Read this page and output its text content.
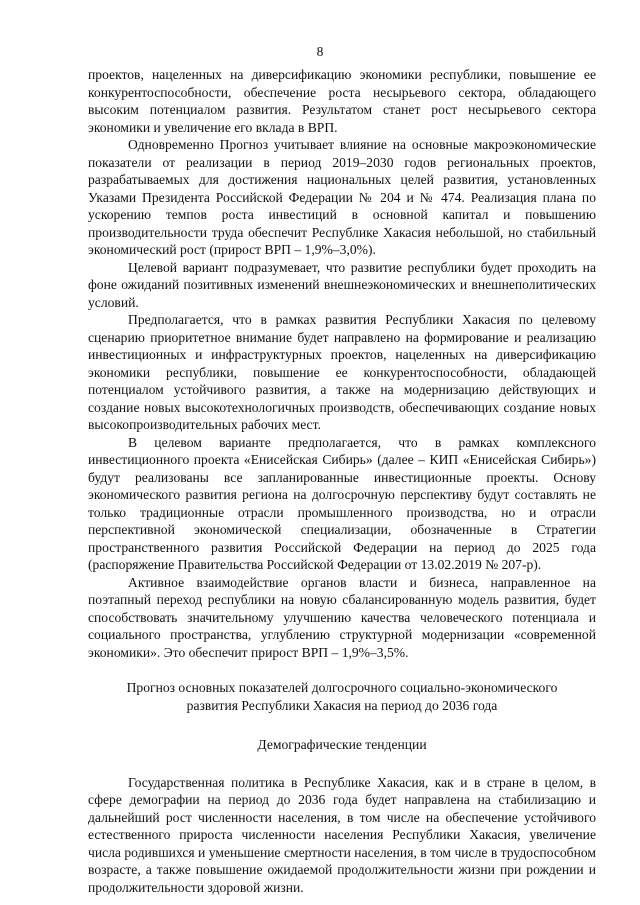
8

проектов, нацеленных на диверсификацию экономики республики, повышение ее конкурентоспособности, обеспечение роста несырьевого сектора, обладающего высоким потенциалом развития. Результатом станет рост несырьевого сектора экономики и увеличение его вклада в ВРП.

Одновременно Прогноз учитывает влияние на основные макроэкономические показатели от реализации в период 2019–2030 годов региональных проектов, разрабатываемых для достижения национальных целей развития, установленных Указами Президента Российской Федерации № 204 и № 474. Реализация плана по ускорению темпов роста инвестиций в основной капитал и повышению производительности труда обеспечит Республике Хакасия небольшой, но стабильный экономический рост (прирост ВРП – 1,9%–3,0%).

Целевой вариант подразумевает, что развитие республики будет проходить на фоне ожиданий позитивных изменений внешнеэкономических и внешнеполитических условий.

Предполагается, что в рамках развития Республики Хакасия по целевому сценарию приоритетное внимание будет направлено на формирование и реализацию инвестиционных и инфраструктурных проектов, нацеленных на диверсификацию экономики республики, повышение ее конкурентоспособности, обладающей потенциалом устойчивого развития, а также на модернизацию действующих и создание новых высокотехнологичных производств, обеспечивающих создание новых высокопроизводительных рабочих мест.

В целевом варианте предполагается, что в рамках комплексного инвестиционного проекта «Енисейская Сибирь» (далее – КИП «Енисейская Сибирь») будут реализованы все запланированные инвестиционные проекты. Основу экономического развития региона на долгосрочную перспективу будут составлять не только традиционные отрасли промышленного производства, но и отрасли перспективной экономической специализации, обозначенные в Стратегии пространственного развития Российской Федерации на период до 2025 года (распоряжение Правительства Российской Федерации от 13.02.2019 № 207-р).

Активное взаимодействие органов власти и бизнеса, направленное на поэтапный переход республики на новую сбалансированную модель развития, будет способствовать значительному улучшению качества человеческого потенциала и социального пространства, углублению структурной модернизации «современной экономики». Это обеспечит прирост ВРП – 1,9%–3,5%.

Прогноз основных показателей долгосрочного социально-экономического

развития Республики Хакасия на период до 2036 года

Демографические тенденции

Государственная политика в Республике Хакасия, как и в стране в целом, в сфере демографии на период до 2036 года будет направлена на стабилизацию и дальнейший рост численности населения, в том числе на обеспечение устойчивого естественного прироста численности населения Республики Хакасия, увеличение числа родившихся и уменьшение смертности населения, в том числе в трудоспособном возрасте, а также повышение ожидаемой продолжительности жизни при рождении и продолжительности здоровой жизни.
